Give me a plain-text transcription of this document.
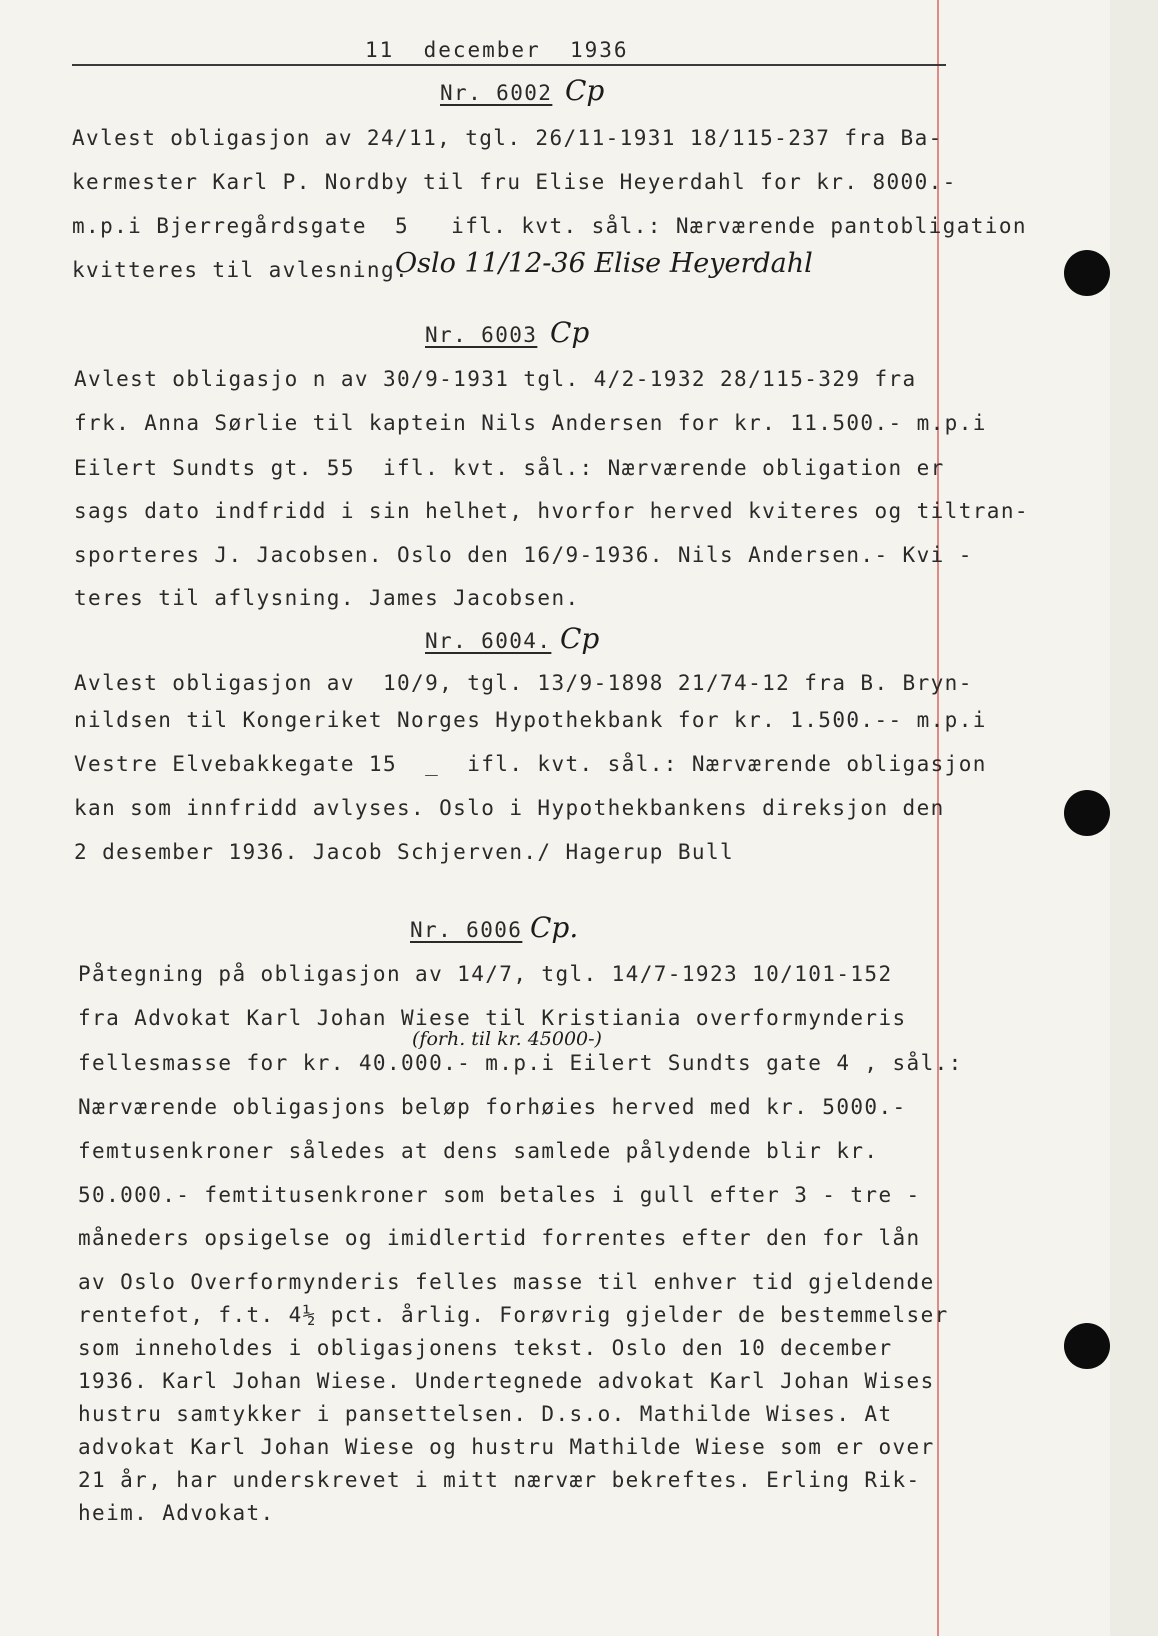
11  december  1936
Nr. 6002 Cp
Avlest obligasjon av 24/11, tgl. 26/11-1931 18/115-237 fra Ba-
kermester Karl P. Nordby til fru Elise Heyerdahl for kr. 8000.-
m.p.i Bjerregårdsgate  5   ifl. kvt. sål.: Nærværende pantobligation
kvitteres til avlesning.
Oslo 11/12-36 Elise Heyerdahl
Nr. 6003 Cp
Avlest obligasjo n av 30/9-1931 tgl. 4/2-1932 28/115-329 fra
frk. Anna Sørlie til kaptein Nils Andersen for kr. 11.500.- m.p.i
Eilert Sundts gt. 55  ifl. kvt. sål.: Nærværende obligation er
sags dato indfridd i sin helhet, hvorfor herved kviteres og tiltran-
sporteres J. Jacobsen. Oslo den 16/9-1936. Nils Andersen.- Kvi -
teres til aflysning. James Jacobsen.
Nr. 6004. Cp
Avlest obligasjon av  10/9, tgl. 13/9-1898 21/74-12 fra B. Bryn-
nildsen til Kongeriket Norges Hypothekbank for kr. 1.500.-- m.p.i
Vestre Elvebakkegate 15  _  ifl. kvt. sål.: Nærværende obligasjon
kan som innfridd avlyses. Oslo i Hypothekbankens direksjon den
2 desember 1936. Jacob Schjerven./ Hagerup Bull
Nr. 6006 Cp.
Påtegning på obligasjon av 14/7, tgl. 14/7-1923 10/101-152
fra Advokat Karl Johan Wiese til Kristiania overformynderis
(forh. til kr. 45000-)
fellesmasse for kr. 40.000.- m.p.i Eilert Sundts gate 4 , sål.:
Nærværende obligasjons beløp forhøies herved med kr. 5000.-
femtusenkroner således at dens samlede pålydende blir kr.
50.000.- femtitusenkroner som betales i gull efter 3 - tre -
måneders opsigelse og imidlertid forrentes efter den for lån
av Oslo Overformynderis felles masse til enhver tid gjeldende
rentefot, f.t. 4½ pct. årlig. Forøvrig gjelder de bestemmelser
som inneholdes i obligasjonens tekst. Oslo den 10 december
1936. Karl Johan Wiese. Undertegnede advokat Karl Johan Wises
hustru samtykker i pansettelsen. D.s.o. Mathilde Wises. At
advokat Karl Johan Wiese og hustru Mathilde Wiese som er over
21 år, har underskrevet i mitt nærvær bekreftes. Erling Rik-
heim. Advokat.
